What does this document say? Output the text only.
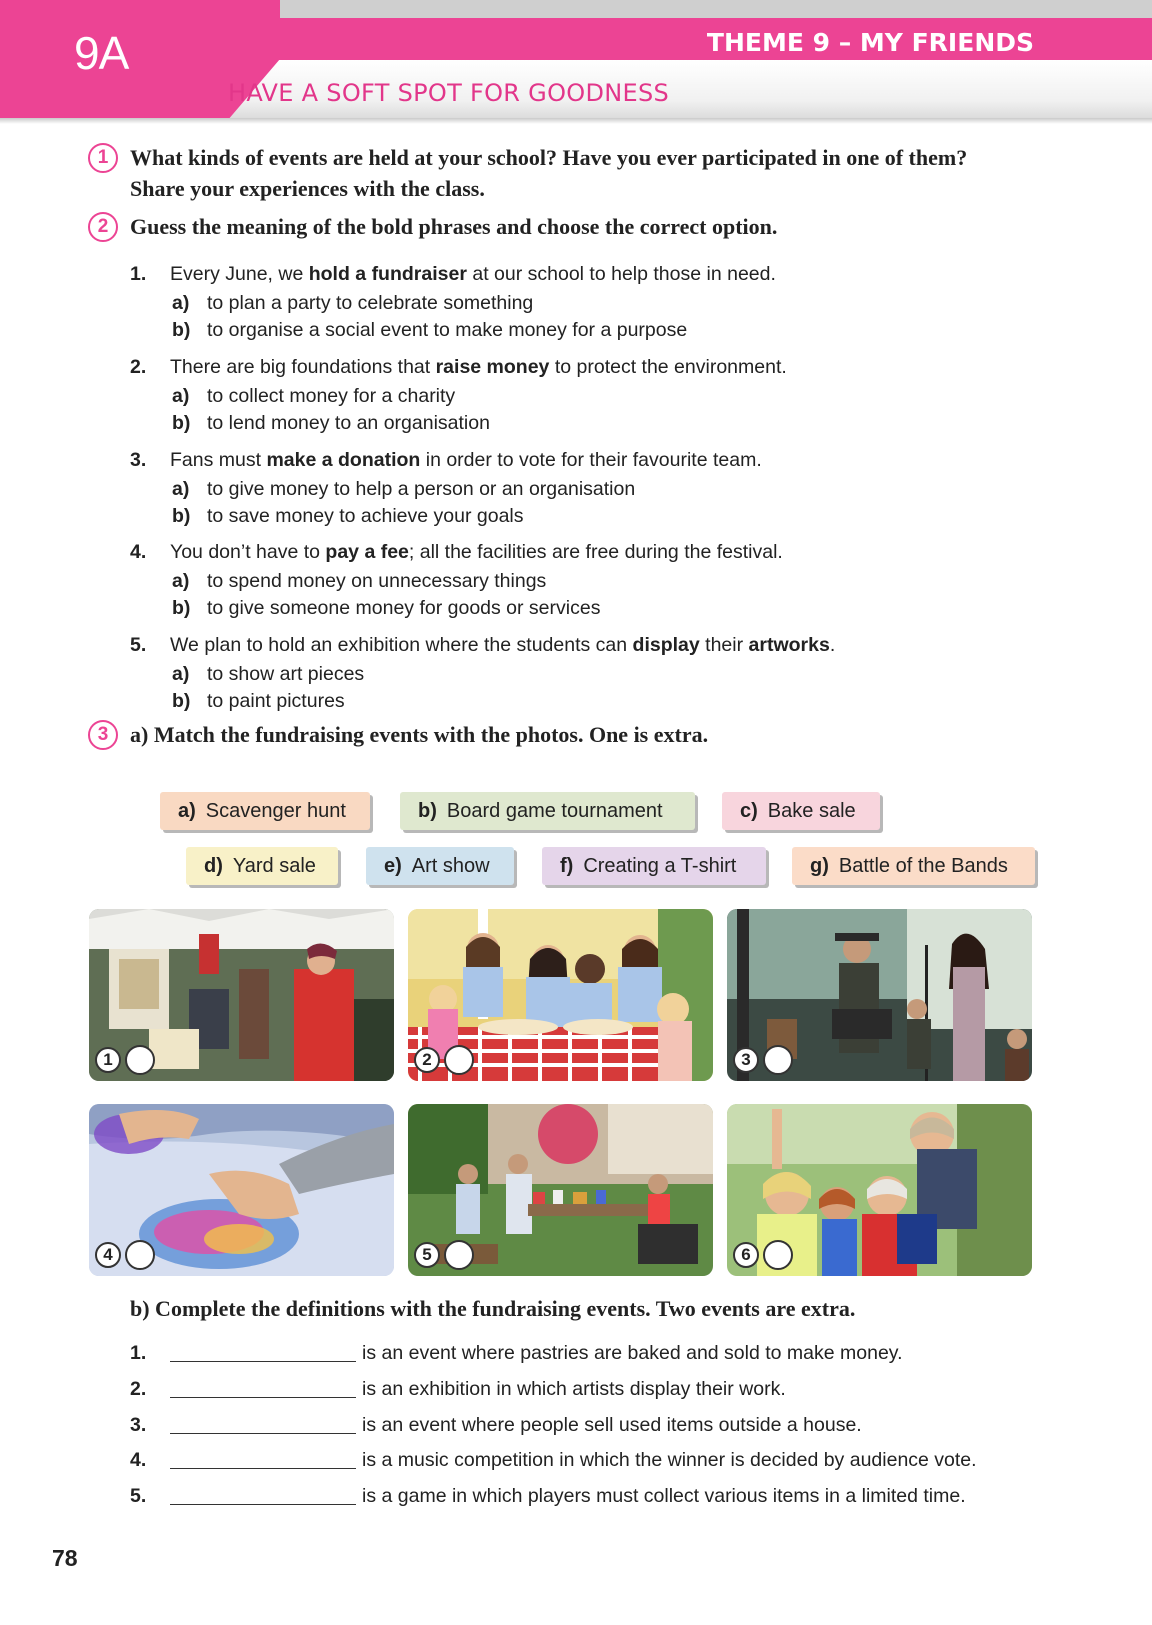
9A	THEME 9 – MY FRIENDS
HAVE A SOFT SPOT FOR GOODNESS
1 What kinds of events are held at your school? Have you ever participated in one of them? Share your experiences with the class.
2 Guess the meaning of the bold phrases and choose the correct option.
1. Every June, we hold a fundraiser at our school to help those in need.
a) to plan a party to celebrate something
b) to organise a social event to make money for a purpose
2. There are big foundations that raise money to protect the environment.
a) to collect money for a charity
b) to lend money to an organisation
3. Fans must make a donation in order to vote for their favourite team.
a) to give money to help a person or an organisation
b) to save money to achieve your goals
4. You don’t have to pay a fee; all the facilities are free during the festival.
a) to spend money on unnecessary things
b) to give someone money for goods or services
5. We plan to hold an exhibition where the students can display their artworks.
a) to show art pieces
b) to paint pictures
3 a) Match the fundraising events with the photos. One is extra.
a) Scavenger hunt	b) Board game tournament	c) Bake sale
d) Yard sale	e) Art show	f) Creating a T-shirt	g) Battle of the Bands
1	2	3
4	5	6
b) Complete the definitions with the fundraising events. Two events are extra.
1.	is an event where pastries are baked and sold to make money.
2.	is an exhibition in which artists display their work.
3.	is an event where people sell used items outside a house.
4.	is a music competition in which the winner is decided by audience vote.
5.	is a game in which players must collect various items in a limited time.
78
